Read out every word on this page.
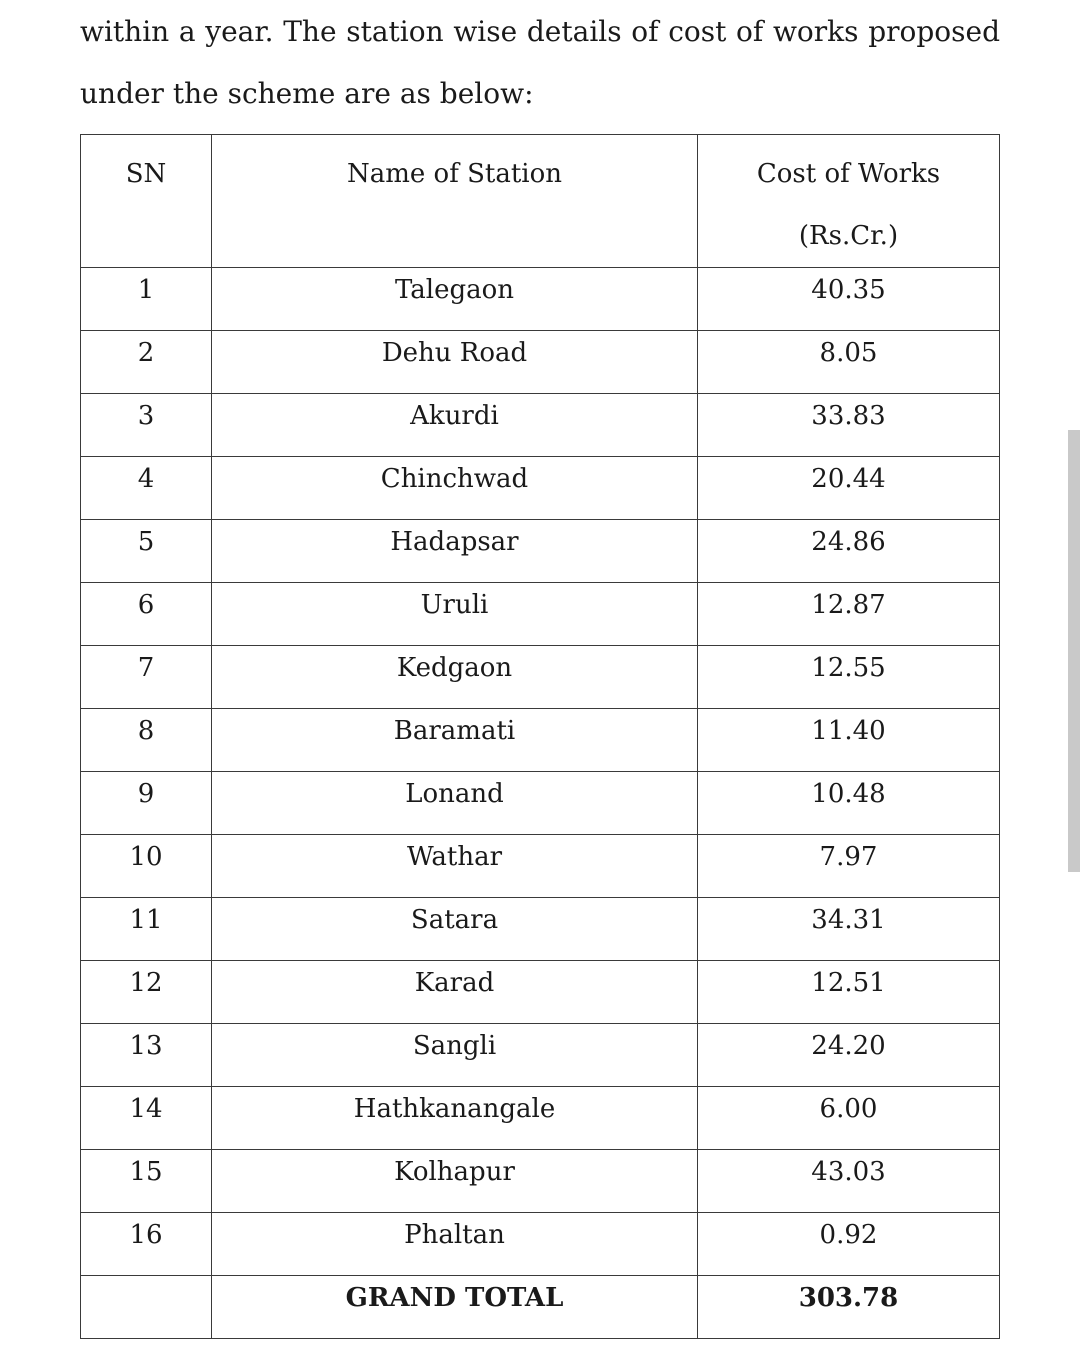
within a year. The station wise details of cost of works proposed
under the scheme are as below:
SN	Name of Station	Cost of Works
(Rs.Cr.)

1	Talegaon	40.35

2	Dehu Road	8.05

3	Akurdi	33.83

4	Chinchwad	20.44

5	Hadapsar	24.86

6	Uruli	12.87

7	Kedgaon	12.55

8	Baramati	11.40

9	Lonand	10.48

10	Wathar	7.97

11	Satara	34.31

12	Karad	12.51

13	Sangli	24.20

14	Hathkanangale	6.00

15	Kolhapur	43.03

16	Phaltan	0.92

	GRAND TOTAL	303.78
